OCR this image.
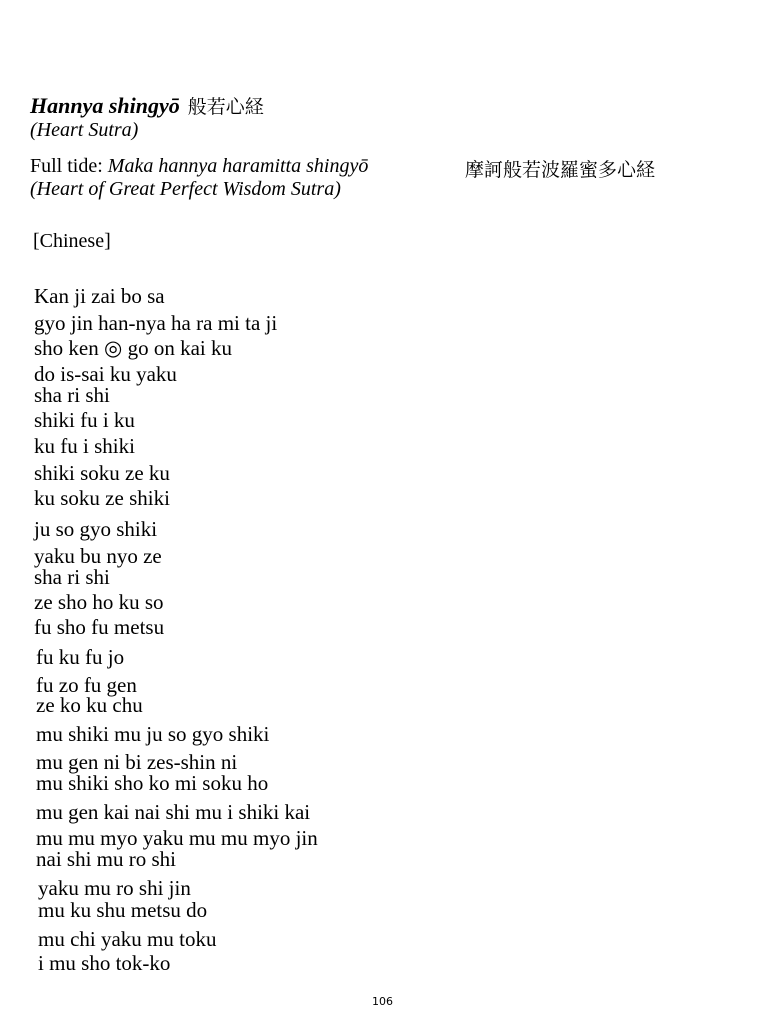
Hannya shingyō 般若心経
(Heart Sutra)
Full tide: Maka hannya haramitta shingyō	摩訶般若波羅蜜多心経
(Heart of Great Perfect Wisdom Sutra)
[Chinese]
Kan ji zai bo sa
gyo jin han-nya ha ra mi ta ji
sho ken ◎ go on kai ku
do is-sai ku yaku
sha ri shi
shiki fu i ku
ku fu i shiki
shiki soku ze ku
ku soku ze shiki
ju so gyo shiki
yaku bu nyo ze
sha ri shi
ze sho ho ku so
fu sho fu metsu
fu ku fu jo
fu zo fu gen
ze ko ku chu
mu shiki mu ju so gyo shiki
mu gen ni bi zes-shin ni
mu shiki sho ko mi soku ho
mu gen kai nai shi mu i shiki kai
mu mu myo yaku mu mu myo jin
nai shi mu ro shi
yaku mu ro shi jin
mu ku shu metsu do
mu chi yaku mu toku
i mu sho tok-ko
106
